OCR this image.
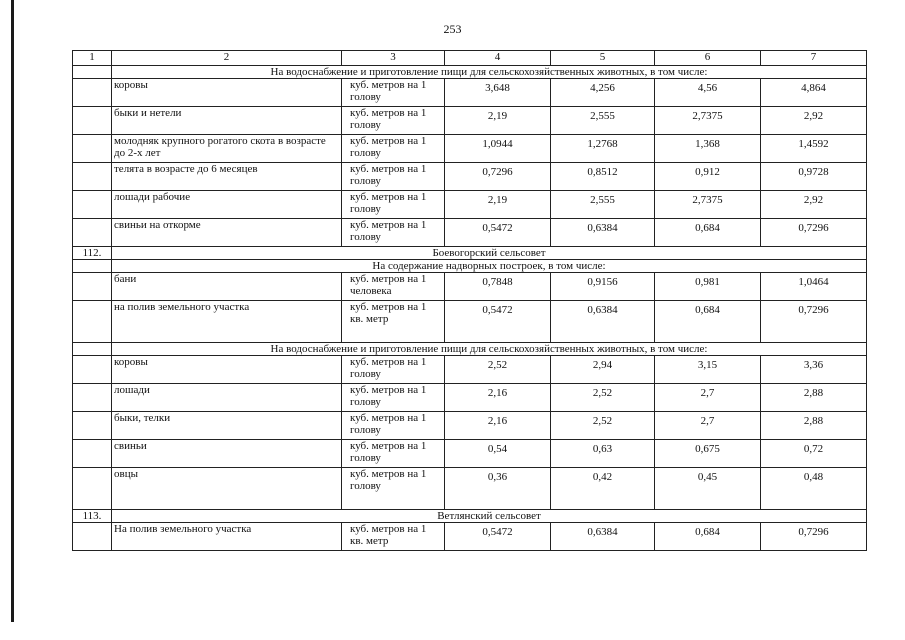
253
1	2	3	4	5	6	7
	На водоснабжение и приготовление пищи для сельскохозяйственных животных, в том числе:					
	коровы	куб. метров на 1 голову	3,648	4,256	4,56	4,864
	быки и нетели	куб. метров на 1 голову	2,19	2,555	2,7375	2,92
	молодняк крупного рогатого скота в возрасте до 2-х лет	куб. метров на 1 голову	1,0944	1,2768	1,368	1,4592
	телята в возрасте до 6 месяцев	куб. метров на 1 голову	0,7296	0,8512	0,912	0,9728
	лошади рабочие	куб. метров на 1 голову	2,19	2,555	2,7375	2,92
	свиньи на откорме	куб. метров на 1 голову	0,5472	0,6384	0,684	0,7296
112.	Боевогорский сельсовет					
	На содержание надворных построек, в том числе:					
	бани	куб. метров на 1 человека	0,7848	0,9156	0,981	1,0464
	на полив земельного участка	куб. метров на 1 кв. метр	0,5472	0,6384	0,684	0,7296
	На водоснабжение и приготовление пищи для сельскохозяйственных животных, в том числе:					
	коровы	куб. метров на 1 голову	2,52	2,94	3,15	3,36
	лошади	куб. метров на 1 голову	2,16	2,52	2,7	2,88
	быки, телки	куб. метров на 1 голову	2,16	2,52	2,7	2,88
	свиньи	куб. метров на 1 голову	0,54	0,63	0,675	0,72
	овцы	куб. метров на 1 голову	0,36	0,42	0,45	0,48
113.	Ветлянский сельсовет					
	На полив земельного участка	куб. метров на 1 кв. метр	0,5472	0,6384	0,684	0,7296
